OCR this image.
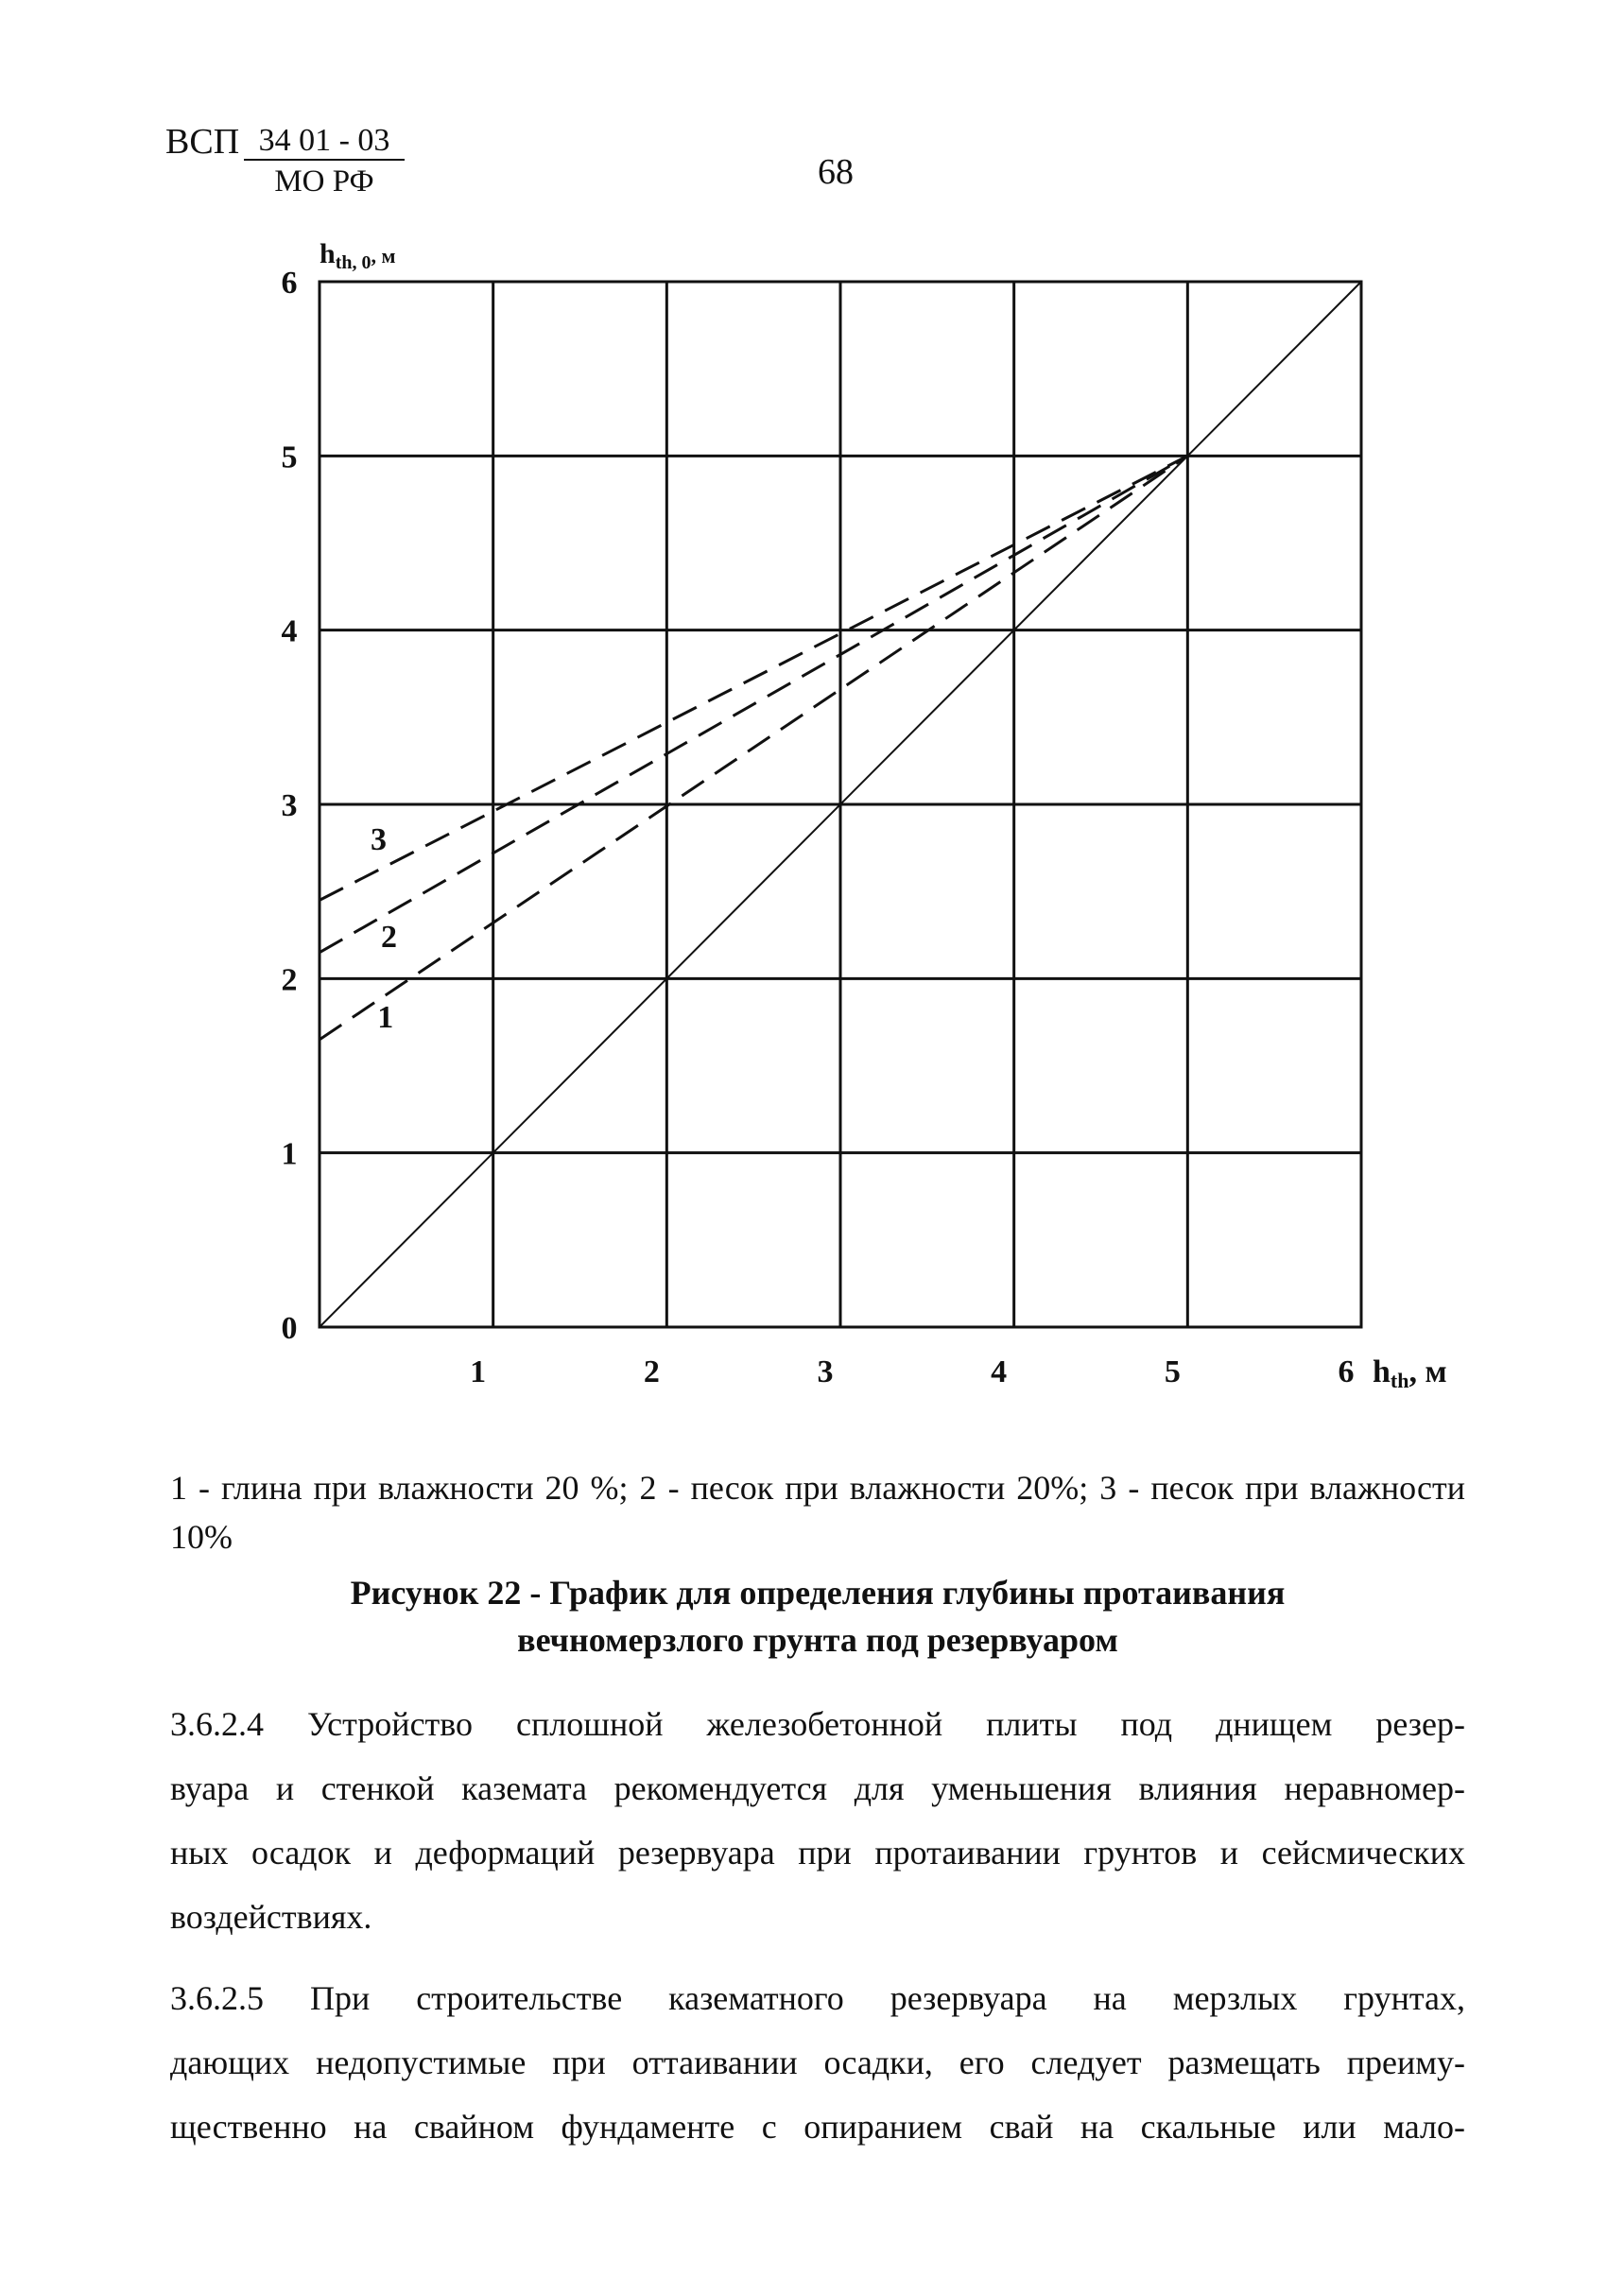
ВСП 34 01 - 03
МО РФ	68
1
2
3
0
1
2
3
4
5
6
1	2	3	4	5	6
$h_{th, 0}^{, м}$
hth, м
1 - глина при влажности 20 %; 2 - песок при влажности 20%; 3 - песок при влажности 10%
Рисунок 22 - График для определения глубины протаивания
вечномерзлого грунта под резервуаром
3.6.2.4 Устройство сплошной железобетонной плиты под днищем резер-
вуара и стенкой каземата рекомендуется для уменьшения влияния неравномер-
ных осадок и деформаций резервуара при протаивании грунтов и сейсмических
воздействиях.
3.6.2.5 При строительстве казематного резервуара на мерзлых грунтах,
дающих недопустимые при оттаивании осадки, его следует размещать преиму-
щественно на свайном фундаменте с опиранием свай на скальные или мало-
